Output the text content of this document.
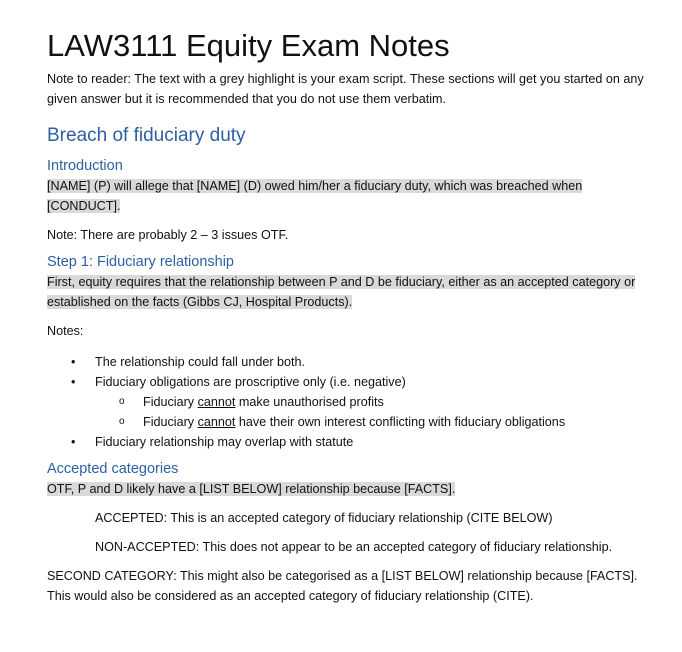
LAW3111 Equity Exam Notes

Note to reader: The text with a grey highlight is your exam script. These sections will get you started on any given answer but it is recommended that you do not use them verbatim.

Breach of fiduciary duty
Introduction

[NAME] (P) will allege that [NAME] (D) owed him/her a fiduciary duty, which was breached when [CONDUCT].

Note: There are probably 2 – 3 issues OTF.

Step 1: Fiduciary relationship

First, equity requires that the relationship between P and D be fiduciary, either as an accepted category or established on the facts (Gibbs CJ, Hospital Products).

Notes:

• The relationship could fall under both.
• Fiduciary obligations are proscriptive only (i.e. negative)
o Fiduciary cannot make unauthorised profits
o Fiduciary cannot have their own interest conflicting with fiduciary obligations
• Fiduciary relationship may overlap with statute
Accepted categories

OTF, P and D likely have a [LIST BELOW] relationship because [FACTS].

ACCEPTED: This is an accepted category of fiduciary relationship (CITE BELOW)

NON-ACCEPTED: This does not appear to be an accepted category of fiduciary relationship.

SECOND CATEGORY: This might also be categorised as a [LIST BELOW] relationship because [FACTS]. This would also be considered as an accepted category of fiduciary relationship (CITE).
